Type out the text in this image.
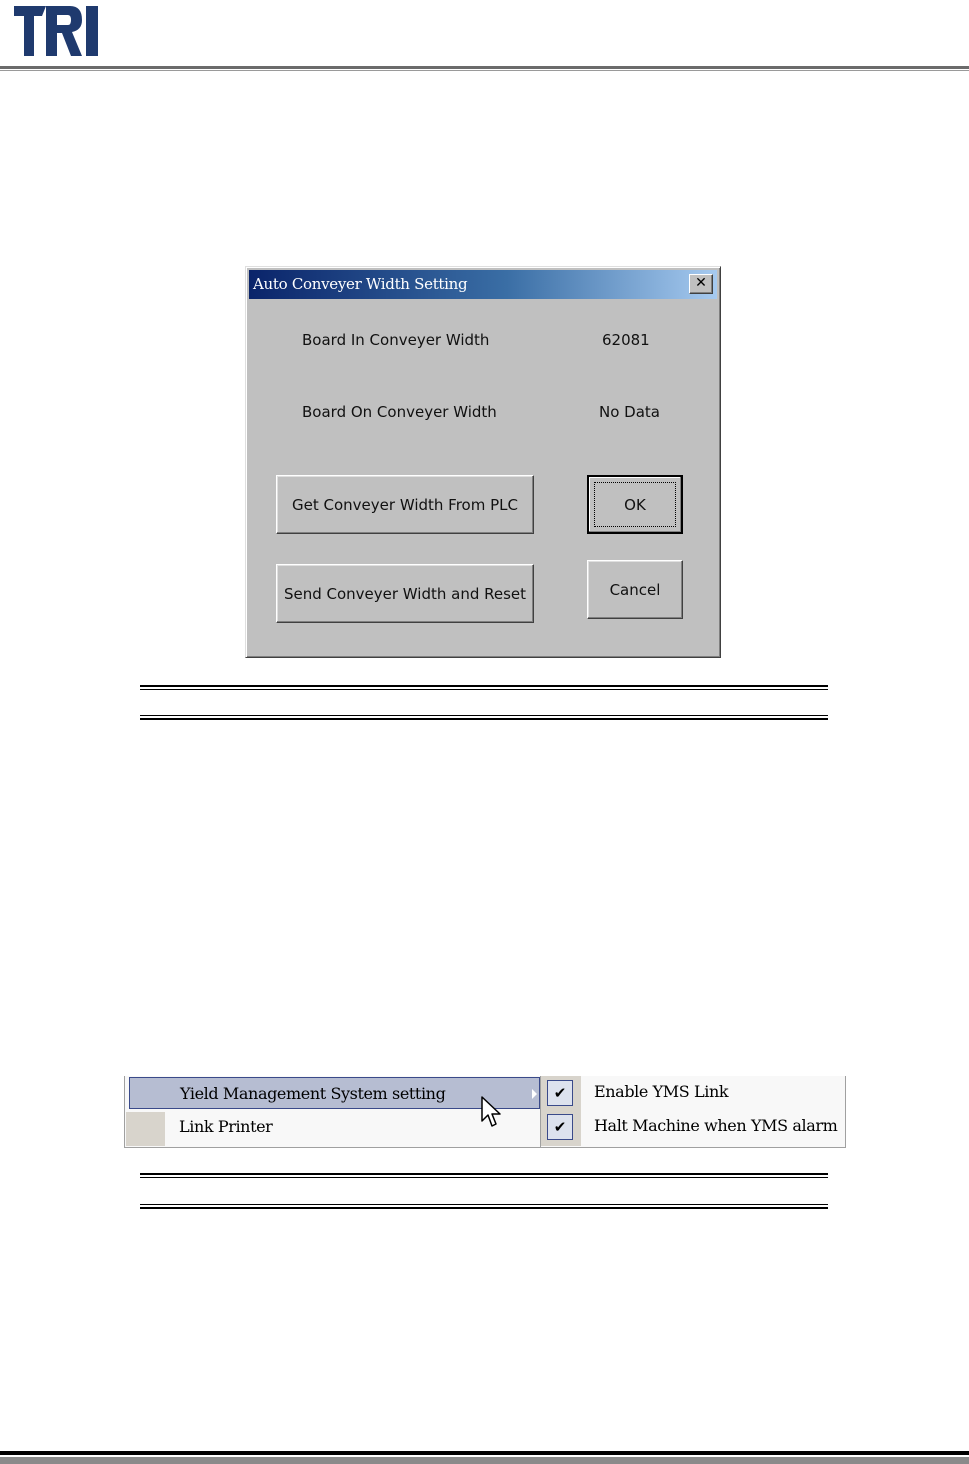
Auto Conveyer Width Setting	✕
Board In Conveyer Width	62081
Board On Conveyer Width	No Data
Get Conveyer Width From PLC	OK
Send Conveyer Width and Reset	Cancel
Yield Management System setting
Link Printer
✔	Enable YMS Link
✔	Halt Machine when YMS alarm
